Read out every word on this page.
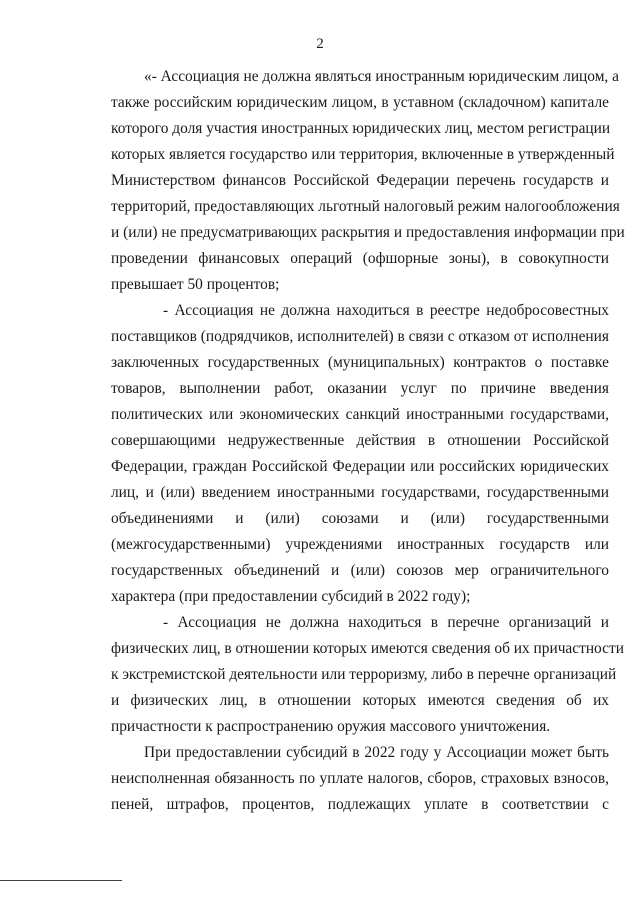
2
«- Ассоциация не должна являться иностранным юридическим лицом, а
также российским юридическим лицом, в уставном (складочном) капитале
которого доля участия иностранных юридических лиц, местом регистрации
которых является государство или территория, включенные в утвержденный
Министерством финансов Российской Федерации перечень государств и
территорий, предоставляющих льготный налоговый режим налогообложения
и (или) не предусматривающих раскрытия и предоставления информации при
проведении финансовых операций (офшорные зоны), в совокупности
превышает 50 процентов;
- Ассоциация не должна находиться в реестре недобросовестных
поставщиков (подрядчиков, исполнителей) в связи с отказом от исполнения
заключенных государственных (муниципальных) контрактов о поставке
товаров, выполнении работ, оказании услуг по причине введения
политических или экономических санкций иностранными государствами,
совершающими недружественные действия в отношении Российской
Федерации, граждан Российской Федерации или российских юридических
лиц, и (или) введением иностранными государствами, государственными
объединениями и (или) союзами и (или) государственными
(межгосударственными) учреждениями иностранных государств или
государственных объединений и (или) союзов мер ограничительного
характера (при предоставлении субсидий в 2022 году);
- Ассоциация не должна находиться в перечне организаций и
физических лиц, в отношении которых имеются сведения об их причастности
к экстремистской деятельности или терроризму, либо в перечне организаций
и физических лиц, в отношении которых имеются сведения об их
причастности к распространению оружия массового уничтожения.
При предоставлении субсидий в 2022 году у Ассоциации может быть
неисполненная обязанность по уплате налогов, сборов, страховых взносов,
пеней, штрафов, процентов, подлежащих уплате в соответствии с
